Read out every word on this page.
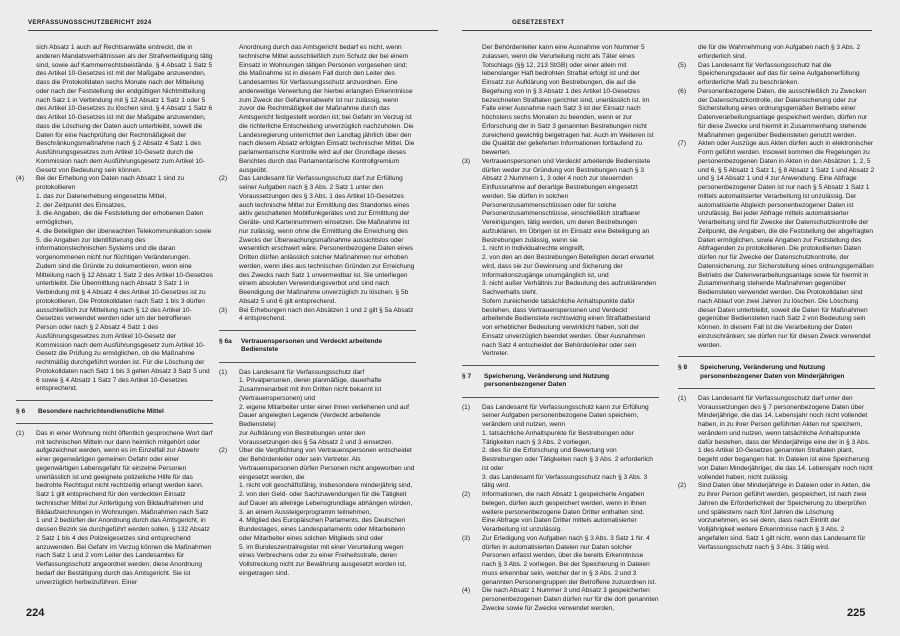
VERFASSUNGSSCHUTZBERICHT 2024
sich Absatz 1 auch auf Rechtsanwälte erstreckt, die in anderen Mandatsverhältnissen als der Strafverteidigung tätig sind, sowie auf Kammerrechtsbeistände. § 4 Absatz 1 Satz 5 des Artikel 10-Gesetzes ist mit der Maßgabe anzuwenden, dass die Protokolldaten sechs Monate nach der Mitteilung oder nach der Feststellung der endgültigen Nichtmitteilung nach Satz 1 in Verbindung mit § 12 Absatz 1 Satz 1 oder 5 des Artikel 10-Gesetzes zu löschen sind. § 4 Absatz 1 Satz 6 des Artikel 10-Gesetzes ist mit der Maßgabe anzuwenden, dass die Löschung der Daten auch unterbleibt, soweit die Daten für eine Nachprüfung der Rechtmäßigkeit der Beschränkungsmaßnahme nach § 2 Absatz 4 Satz 1 des Ausführungsgesetzes zum Artikel 10-Gesetz durch die Kommission nach dem Ausführungsgesetz zum Artikel 10-Gesetz von Bedeutung sein können.
(4) Bei der Erhebung von Daten nach Absatz 1 sind zu protokollieren
1. das zur Datenerhebung eingesetzte Mittel,
2. der Zeitpunkt des Einsatzes,
3. die Angaben, die die Feststellung der erhobenen Daten ermöglichen,
4. die Beteiligten der überwachten Telekommunikation sowie
5. die Angaben zur Identifizierung des informationstechnischen Systems und die daran vorgenommenen nicht nur flüchtigen Veränderungen.
Zudem sind die Gründe zu dokumentieren, wenn eine Mitteilung nach § 12 Absatz 1 Satz 2 des Artikel 10-Gesetzes unterbleibt. Die Übermittlung nach Absatz 3 Satz 1 in Verbindung mit § 4 Absatz 4 des Artikel 10-Gesetzes ist zu protokollieren. Die Protokolldaten nach Satz 1 bis 3 dürfen ausschließlich zur Mitteilung nach § 12 des Artikel 10-Gesetzes verwendet werden oder um der betroffenen Person oder nach § 2 Absatz 4 Satz 1 des Ausführungsgesetzes zum Artikel 10-Gesetz der Kommission nach dem Ausführungsgesetz zum Artikel 10-Gesetz die Prüfung zu ermöglichen, ob die Maßnahme rechtmäßig durchgeführt worden ist. Für die Löschung der Protokolldaten nach Satz 1 bis 3 gelten Absatz 3 Satz 5 und 6 sowie § 4 Absatz 1 Satz 7 des Artikel 10-Gesetzes entsprechend.
§ 6 Besondere nachrichtendienstliche Mittel
(1) Das in einer Wohnung nicht öffentlich gesprochene Wort darf mit technischen Mitteln nur dann heimlich mitgehört oder aufgezeichnet werden, wenn es im Einzelfall zur Abwehr einer gegenwärtigen gemeinen Gefahr oder einer gegenwärtigen Lebensgefahr für einzelne Personen unerlässlich ist und geeignete polizeiliche Hilfe für das bedrohte Rechtsgut nicht rechtzeitig erlangt werden kann. Satz 1 gilt entsprechend für den verdeckten Einsatz technischer Mittel zur Anfertigung von Bildaufnahmen und Bildaufzeichnungen in Wohnungen. Maßnahmen nach Satz 1 und 2 bedürfen der Anordnung durch das Amtsgericht, in dessen Bezirk sie durchgeführt werden sollen. § 132 Absatz 2 Satz 1 bis 4 des Polizeigesetzes sind entsprechend anzuwenden. Bei Gefahr im Verzug können die Maßnahmen nach Satz 1 und 2 vom Leiter des Landesamtes für Verfassungsschutz angeordnet werden; diese Anordnung bedarf der Bestätigung durch das Amtsgericht. Sie ist unverzüglich herbeizuführen. Einer
Anordnung durch das Amtsgericht bedarf es nicht, wenn technische Mittel ausschließlich zum Schutz der bei einem Einsatz in Wohnungen tätigen Personen vorgesehen sind; die Maßnahme ist in diesem Fall durch den Leiter des Landesamtes für Verfassungsschutz anzuordnen. Eine anderweitige Verwertung der hierbei erlangten Erkenntnisse zum Zweck der Gefahrenabwehr ist nur zulässig, wenn zuvor die Rechtmäßigkeit der Maßnahme durch das Amtsgericht festgestellt worden ist; bei Gefahr im Verzug ist die richterliche Entscheidung unverzüglich nachzuholen. Die Landesregierung unterrichtet den Landtag jährlich über den nach diesem Absatz erfolgten Einsatz technischer Mittel. Die parlamentarische Kontrolle wird auf der Grundlage dieses Berichtes durch das Parlamentarische Kontrollgremium ausgeübt.
(2) Das Landesamt für Verfassungsschutz darf zur Erfüllung seiner Aufgaben nach § 3 Abs. 2 Satz 1 unter den Voraussetzungen des § 3 Abs. 1 des Artikel 10-Gesetzes auch technische Mittel zur Ermittlung des Standortes eines aktiv geschalteten Mobilfunkgerätes und zur Ermittlung der Geräte- und Kartennummern einsetzen. Die Maßnahme ist nur zulässig, wenn ohne die Ermittlung die Erreichung des Zwecks der Überwachungsmaßnahme aussichtslos oder wesentlich erschwert wäre. Personenbezogene Daten eines Dritten dürfen anlässlich solcher Maßnahmen nur erhoben werden, wenn dies aus technischen Gründen zur Erreichung des Zwecks nach Satz 1 unvermeidbar ist. Sie unterliegen einem absoluten Verwendungsverbot und sind nach Beendigung der Maßnahme unverzüglich zu löschen. § 5b Absatz 5 und 6 gilt entsprechend.
(3) Bei Erhebungen nach den Absätzen 1 und 2 gilt § 5a Absatz 4 entsprechend.
§ 6a Vertrauenspersonen und Verdeckt arbeitende Bedienstete
(1) Das Landesamt für Verfassungsschutz darf
1. Privatpersonen, deren planmäßige, dauerhafte Zusammenarbeit mit ihm Dritten nicht bekannt ist (Vertrauenspersonen) und
2. eigene Mitarbeiter unter einer ihnen verliehenen und auf Dauer angelegten Legende (Verdeckt arbeitende Bedienstete)
zur Aufklärung von Bestrebungen unter den Voraussetzungen des § 5a Absatz 2 und 3 einsetzen.
(2) Über die Verpflichtung von Vertrauenspersonen entscheidet der Behördenleiter oder sein Vertreter. Als Vertrauenspersonen dürfen Personen nicht angeworben und eingesetzt werden, die
1. nicht voll geschäftsfähig, insbesondere minderjährig sind,
2. von den Geld- oder Sachzuwendungen für die Tätigkeit auf Dauer als alleinige Lebensgrundlage abhängen würden,
3. an einem Aussteigerprogramm teilnehmen,
4. Mitglied des Europäischen Parlaments, des Deutschen Bundestages, eines Landesparlaments oder Mitarbeiterin oder Mitarbeiter eines solchen Mitglieds sind oder
5. im Bundeszentralregister mit einer Verurteilung wegen eines Verbrechens oder zu einer Freiheitsstrafe, deren Vollstreckung nicht zur Bewährung ausgesetzt worden ist, eingetragen sind.
224
GESETZESTEXT
Der Behördenleiter kann eine Ausnahme von Nummer 5 zulassen, wenn die Verurteilung nicht als Täter eines Totschlags (§§ 12, 213 StGB) oder einer allein mit lebenslanger Haft bedrohten Straftat erfolgt ist und der Einsatz zur Aufklärung von Bestrebungen, die auf die Begehung von in § 3 Absatz 1 des Artikel 10-Gesetzes bezeichneten Straftaten gerichtet sind, unerlässlich ist. Im Falle einer Ausnahme nach Satz 3 ist der Einsatz nach höchstens sechs Monaten zu beenden, wenn er zur Erforschung der in Satz 3 genannten Bestrebungen nicht zureichend gewichtig beigetragen hat. Auch im Weiteren ist die Qualität der gelieferten Informationen fortlaufend zu bewerten.
(3) Vertrauenspersonen und Verdeckt arbeitende Bedienstete dürfen weder zur Gründung von Bestrebungen nach § 3 Absatz 2 Nummern 1, 3 oder 4 noch zur steuernden Einflussnahme auf derartige Bestrebungen eingesetzt werden. Sie dürfen in solchen Personenzusammenschlüssen oder für solche Personenzusammenschlüsse, einschließlich strafbarer Vereinigungen, tätig werden, um deren Bestrebungen aufzuklären. Im Übrigen ist im Einsatz eine Beteiligung an Bestrebungen zulässig, wenn sie
1. nicht in Individualrechte eingreift,
2. von den an den Bestrebungen Beteiligten derart erwartet wird, dass sie zur Gewinnung und Sicherung der Informationszugänge unumgänglich ist, und
3. nicht außer Verhältnis zur Bedeutung des aufzuklärenden Sachverhalts steht.
Sofern zureichende tatsächliche Anhaltspunkte dafür bestehen, dass Vertrauenspersonen und Verdeckt arbeitende Bedienstete rechtswidrig einen Straftatbestand von erheblicher Bedeutung verwirklicht haben, soll der Einsatz unverzüglich beendet werden. Über Ausnahmen nach Satz 4 entscheidet der Behördenleiter oder sein Vertreter.
§ 7 Speicherung, Veränderung und Nutzung personenbezogener Daten
(1) Das Landesamt für Verfassungsschutz kann zur Erfüllung seiner Aufgaben personenbezogene Daten speichern, verändern und nutzen, wenn
1. tatsächliche Anhaltspunkte für Bestrebungen oder Tätigkeiten nach § 3 Abs. 2 vorliegen,
2. dies für die Erforschung und Bewertung von Bestrebungen oder Tätigkeiten nach § 3 Abs. 2 erforderlich ist oder
3. das Landesamt für Verfassungsschutz nach § 3 Abs. 3 tätig wird.
(2) Informationen, die nach Absatz 1 gespeicherte Angaben belegen, dürfen auch gespeichert werden, wenn in ihnen weitere personenbezogene Daten Dritter enthalten sind. Eine Abfrage von Daten Dritter mittels automatisierter Verarbeitung ist unzulässig.
(3) Zur Erledigung von Aufgaben nach § 3 Abs. 3 Satz 1 Nr. 4 dürfen in automatisierten Dateien nur Daten solcher Personen erfasst werden, über die bereits Erkenntnisse nach § 3 Abs. 2 vorliegen. Bei der Speicherung in Dateien muss erkennbar sein, welcher der in § 3 Abs. 2 und 3 genannten Personengruppen der Betroffene zuzuordnen ist.
(4) Die nach Absatz 1 Nummer 3 und Absatz 3 gespeicherten personenbezogenen Daten dürfen nur für die dort genannten Zwecke sowie für Zwecke verwendet werden,
die für die Wahrnehmung von Aufgaben nach § 3 Abs. 2 erforderlich sind.
(5) Das Landesamt für Verfassungsschutz hat die Speicherungsdauer auf das für seine Aufgabenerfüllung erforderliche Maß zu beschränken.
(6) Personenbezogene Daten, die ausschließlich zu Zwecken der Datenschutzkontrolle, der Datensicherung oder zur Sicherstellung eines ordnungsgemäßen Betriebs einer Datenverarbeitungsanlage gespeichert werden, dürfen nur für diese Zwecke und hiermit in Zusammenhang stehende Maßnahmen gegenüber Bediensteten genutzt werden.
(7) Akten oder Auszüge aus Akten dürfen auch in elektronischer Form geführt werden. Insoweit kommen die Regelungen zu personenbezogenen Daten in Akten in den Absätzen 1, 2, 5 und 6, § 5 Absatz 1 Satz 1, § 8 Absatz 1 Satz 1 und Absatz 2 und § 14 Absatz 1 und 4 zur Anwendung. Eine Abfrage personenbezogener Daten ist nur nach § 5 Absatz 1 Satz 1 mittels automatisierter Verarbeitung ist unzulässig. Der automatisierte Abgleich personenbezogener Daten ist unzulässig. Bei jeder Abfrage mittels automatisierter Verarbeitung sind für Zwecke der Datenschutzkontrolle der Zeitpunkt, die Angaben, die die Feststellung der abgefragten Daten ermöglichen, sowie Angaben zur Feststellung des Abfragenden zu protokollieren. Die protokollierten Daten dürfen nur für Zwecke der Datenschutzkontrolle, der Datensicherung, zur Sicherstellung eines ordnungsgemäßen Betriebs der Datenverarbeitungsanlage sowie für hiermit in Zusammenhang stehende Maßnahmen gegenüber Bediensteten verwendet werden. Die Protokolldaten sind nach Ablauf von zwei Jahren zu löschen. Die Löschung dieser Daten unterbleibt, soweit die Daten für Maßnahmen gegenüber Bediensteten nach Satz 2 von Bedeutung sein können. In diesem Fall ist die Verarbeitung der Daten einzuschränken; sie dürfen nur für diesen Zweck verwendet werden.
§ 8 Speicherung, Veränderung und Nutzung personenbezogener Daten von Minderjährigen
(1) Das Landesamt für Verfassungsschutz darf unter den Voraussetzungen des § 7 personenbezogene Daten über Minderjährige, die das 14. Lebensjahr noch nicht vollendet haben, in zu ihrer Person geführten Akten nur speichern, verändern und nutzen, wenn tatsächliche Anhaltspunkte dafür bestehen, dass der Minderjährige eine der in § 3 Abs. 1 des Artikel 10-Gesetzes genannten Straftaten plant, begeht oder begangen hat. In Dateien ist eine Speicherung von Daten Minderjähriger, die das 14. Lebensjahr noch nicht vollendet haben, nicht zulässig.
(2) Sind Daten über Minderjährige in Dateien oder in Akten, die zu ihrer Person geführt werden, gespeichert, ist nach zwei Jahren die Erforderlichkeit der Speicherung zu überprüfen und spätestens nach fünf Jahren die Löschung vorzunehmen, es sei denn, dass nach Eintritt der Volljährigkeit weitere Erkenntnisse nach § 3 Abs. 2 angefallen sind. Satz 1 gilt nicht, wenn das Landesamt für Verfassungsschutz nach § 3 Abs. 3 tätig wird.
225
